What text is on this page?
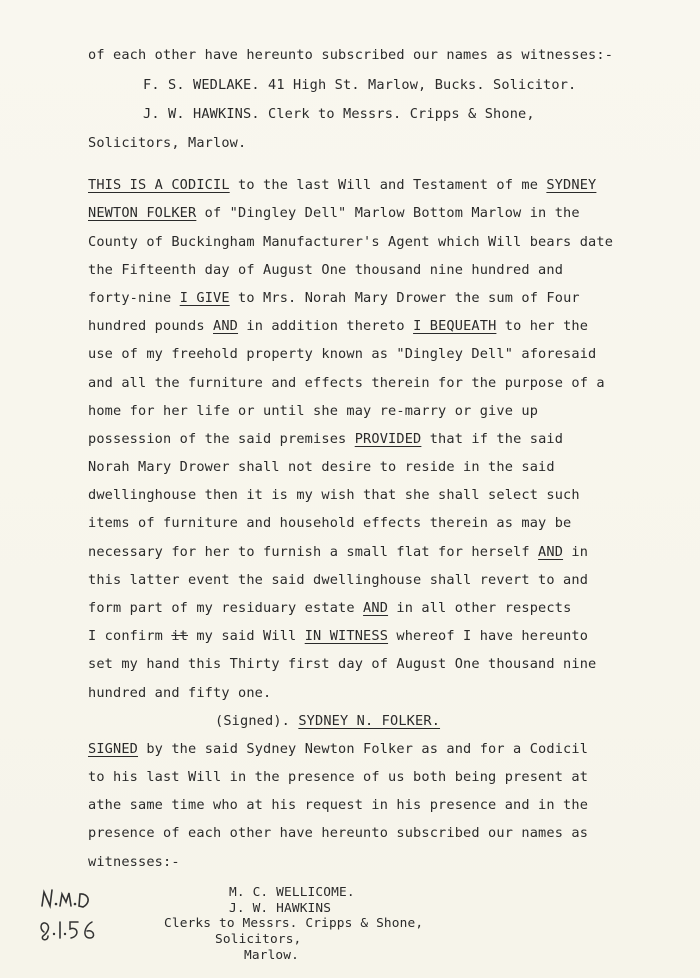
of each other have hereunto subscribed our names as witnesses:-
F. S. WEDLAKE. 41 High St. Marlow, Bucks. Solicitor.
J. W. HAWKINS. Clerk to Messrs. Cripps & Shone,
Solicitors, Marlow.
THIS IS A CODICIL to the last Will and Testament of me SYDNEY
NEWTON FOLKER of "Dingley Dell" Marlow Bottom Marlow in the
County of Buckingham Manufacturer's Agent which Will bears date
the Fifteenth day of August One thousand nine hundred and
forty-nine I GIVE to Mrs. Norah Mary Drower the sum of Four
hundred pounds AND in addition thereto I BEQUEATH to her the
use of my freehold property known as "Dingley Dell" aforesaid
and all the furniture and effects therein for the purpose of a
home for her life or until she may re-marry or give up
possession of the said premises PROVIDED that if the said
Norah Mary Drower shall not desire to reside in the said
dwellinghouse then it is my wish that she shall select such
items of furniture and household effects therein as may be
necessary for her to furnish a small flat for herself AND in
this latter event the said dwellinghouse shall revert to and
form part of my residuary estate AND in all other respects
I confirm it my said Will IN WITNESS whereof I have hereunto
set my hand this Thirty first day of August One thousand nine
hundred and fifty one.
(Signed). SYDNEY N. FOLKER.
SIGNED by the said Sydney Newton Folker as and for a Codicil
to his last Will in the presence of us both being present at
athe same time who at his request in his presence and in the
presence of each other have hereunto subscribed our names as
witnesses:-
M. C. WELLICOME.
J. W. HAWKINS
Clerks to Messrs. Cripps & Shone,
Solicitors,
Marlow.
